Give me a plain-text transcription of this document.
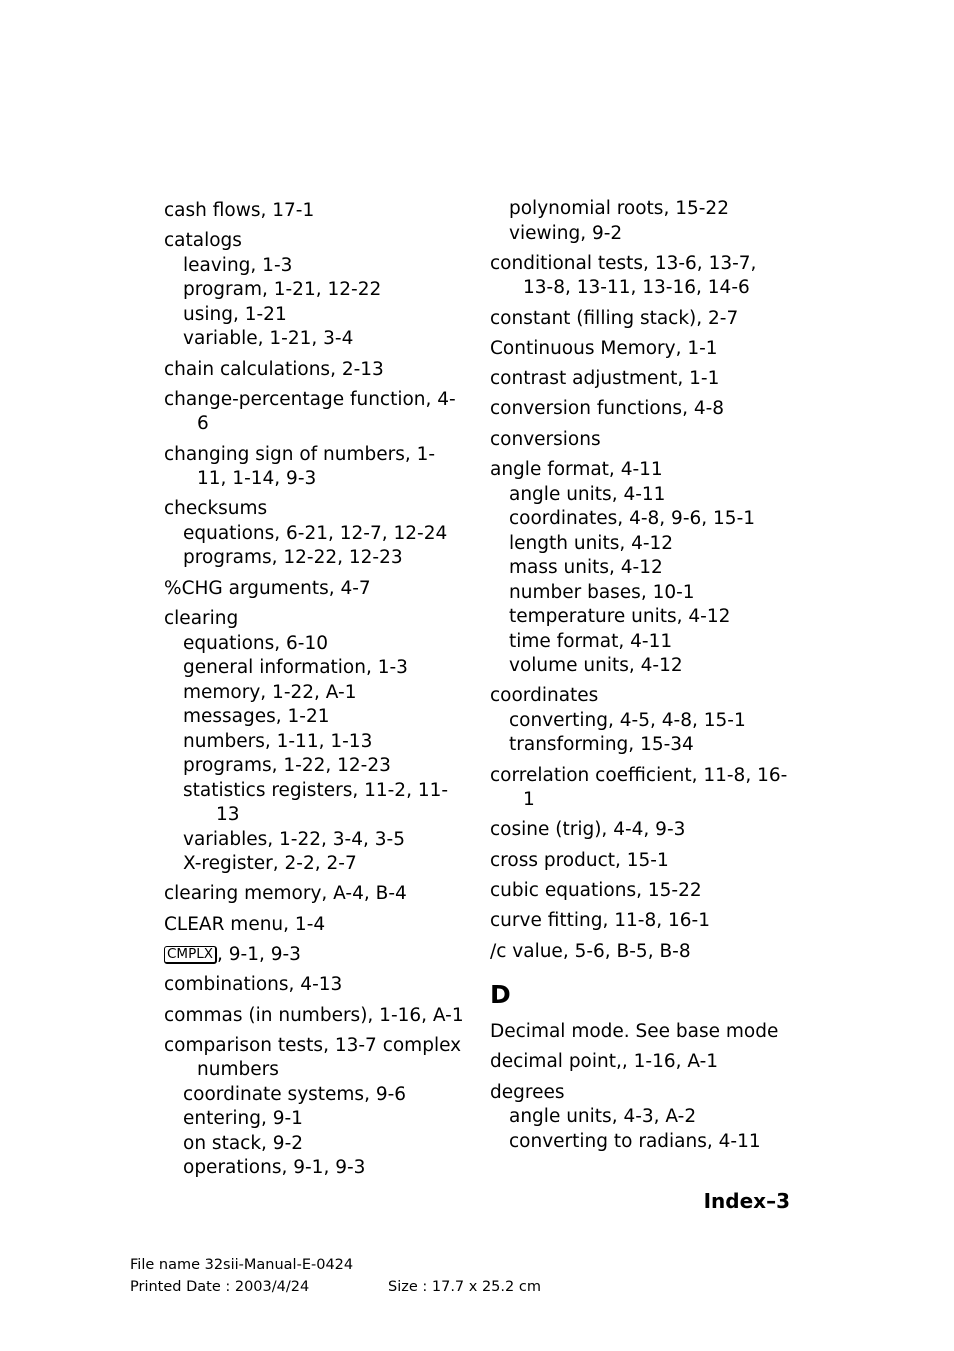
cash flows, 17-1
catalogs
leaving, 1-3
program, 1-21, 12-22
using, 1-21
variable, 1-21, 3-4
chain calculations, 2-13
change-percentage function, 4-6
changing sign of numbers, 1-11, 1-14, 9-3
checksums
equations, 6-21, 12-7, 12-24
programs, 12-22, 12-23
%CHG arguments, 4-7
clearing
equations, 6-10
general information, 1-3
memory, 1-22, A-1
messages, 1-21
numbers, 1-11, 1-13
programs, 1-22, 12-23
statistics registers, 11-2, 11-13
variables, 1-22, 3-4, 3-5
X-register, 2-2, 2-7
clearing memory, A-4, B-4
CLEAR menu, 1-4
CMPLX , 9-1, 9-3
combinations, 4-13
commas (in numbers), 1-16, A-1
comparison tests, 13-7 complex numbers
coordinate systems, 9-6
entering, 9-1
on stack, 9-2
operations, 9-1, 9-3
polynomial roots, 15-22
viewing, 9-2
conditional tests, 13-6, 13-7, 13-8, 13-11, 13-16, 14-6
constant (filling stack), 2-7
Continuous Memory, 1-1
contrast adjustment, 1-1
conversion functions, 4-8
conversions
angle format, 4-11
angle units, 4-11
coordinates, 4-8, 9-6, 15-1
length units, 4-12
mass units, 4-12
number bases, 10-1
temperature units, 4-12
time format, 4-11
volume units, 4-12
coordinates
converting, 4-5, 4-8, 15-1
transforming, 15-34
correlation coefficient, 11-8, 16-1
cosine (trig), 4-4, 9-3
cross product, 15-1
cubic equations, 15-22
curve fitting, 11-8, 16-1
/c value, 5-6, B-5, B-8
D
Decimal mode. See base mode
decimal point,, 1-16, A-1
degrees
angle units, 4-3, A-2
converting to radians, 4-11
Index–3
File name 32sii-Manual-E-0424
Printed Date : 2003/4/24	Size : 17.7 x 25.2 cm
